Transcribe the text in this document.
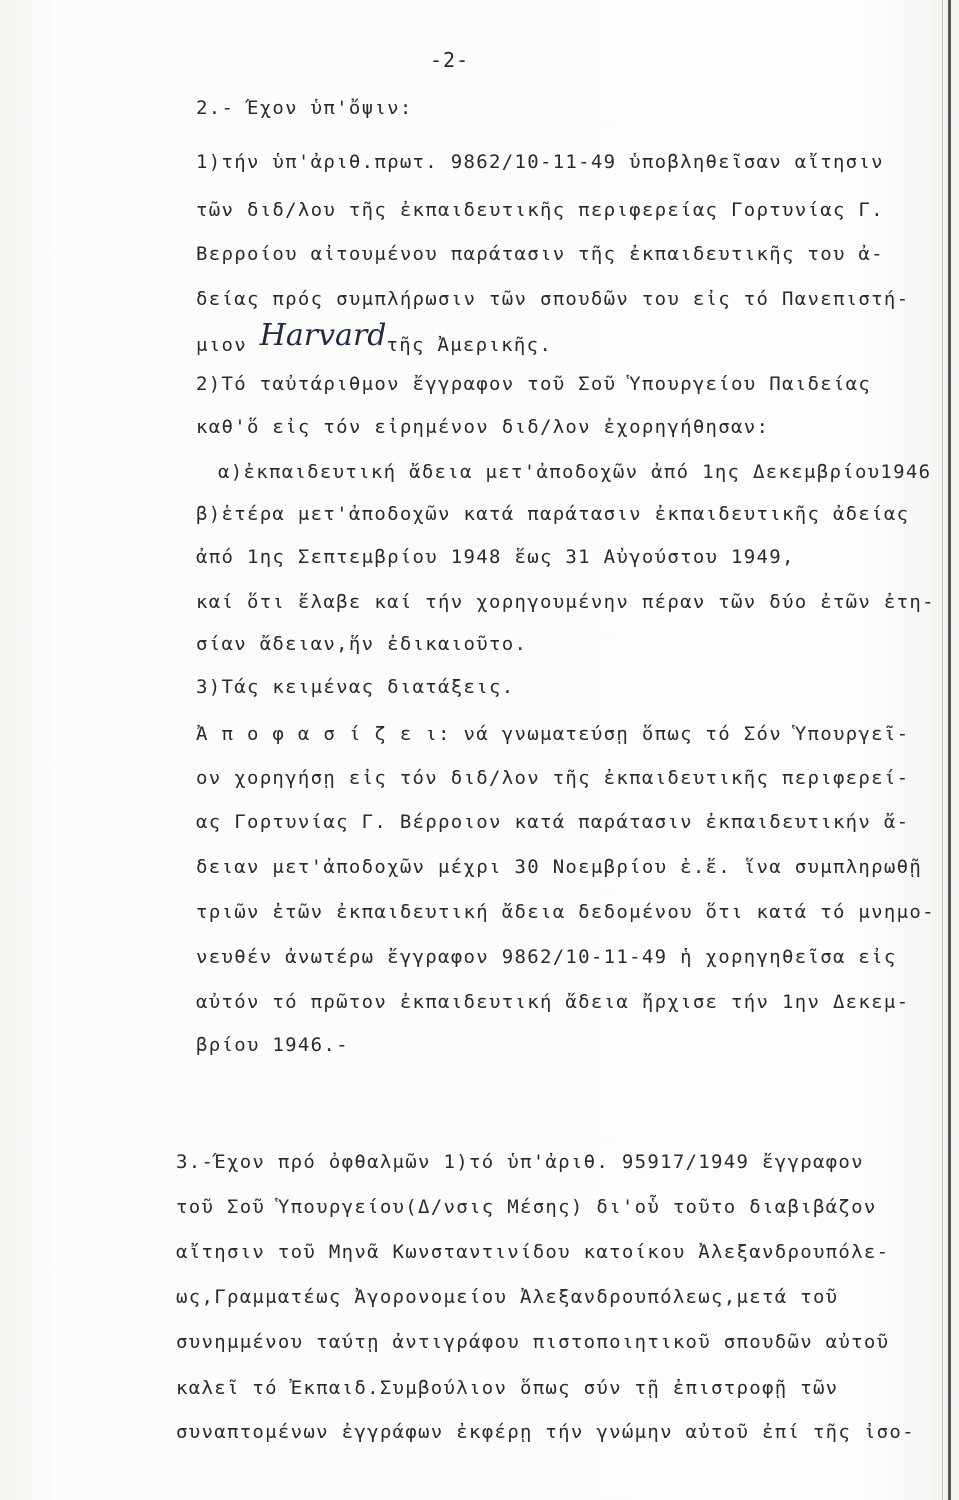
-2-
2.- Έχον ὑπ'ὄψιν:
1)τήν ὑπ'ἀριθ.πρωτ. 9862/10-11-49 ὑποβληθεῖσαν αἴτησιν
τῶν διδ/λου τῆς ἐκπαιδευτικῆς περιφερείας Γορτυνίας Γ.
Βερροίου αἰτουμένου παράτασιν τῆς ἐκπαιδευτικῆς του ἀ-
δείας πρός συμπλήρωσιν τῶν σπουδῶν του εἰς τό Πανεπιστή-
μιον Harvardτῆς Ἀμερικῆς.
2)Τό ταὐτάριθμον ἔγγραφον τοῦ Σοῦ Ὑπουργείου Παιδείας
καθ'ὅ εἰς τόν εἰρημένον διδ/λον ἐχορηγήθησαν:
α)ἐκπαιδευτική ἄδεια μετ'ἀποδοχῶν ἀπό 1ης Δεκεμβρίου1946
β)ἑτέρα μετ'ἀποδοχῶν κατά παράτασιν ἐκπαιδευτικῆς ἀδείας
ἀπό 1ης Σεπτεμβρίου 1948 ἕως 31 Αὐγούστου 1949,
καί ὅτι ἔλαβε καί τήν χορηγουμένην πέραν τῶν δύο ἐτῶν ἐτη-
σίαν ἄδειαν,ἥν ἐδικαιοῦτο.
3)Τάς κειμένας διατάξεις.
Ἀ π ο φ α σ ί ζ ε ι: νά γνωματεύσῃ ὅπως τό Σόν Ὑπουργεῖ-
ον χορηγήσῃ εἰς τόν διδ/λον τῆς ἐκπαιδευτικῆς περιφερεί-
ας Γορτυνίας Γ. Βέρροιον κατά παράτασιν ἐκπαιδευτικήν ἄ-
δειαν μετ'ἀποδοχῶν μέχρι 30 Νοεμβρίου ἐ.ἔ. ἵνα συμπληρωθῇ
τριῶν ἐτῶν ἐκπαιδευτική ἄδεια δεδομένου ὅτι κατά τό μνημο-
νευθέν ἀνωτέρω ἔγγραφον 9862/10-11-49 ἡ χορηγηθεῖσα εἰς
αὐτόν τό πρῶτον ἐκπαιδευτική ἄδεια ἤρχισε τήν 1ην Δεκεμ-
βρίου 1946.-
3.-Έχον πρό ὀφθαλμῶν 1)τό ὑπ'ἀριθ. 95917/1949 ἔγγραφον
τοῦ Σοῦ Ὑπουργείου(Δ/νσις Μέσης) δι'οὗ τοῦτο διαβιβάζον
αἴτησιν τοῦ Μηνᾶ Κωνσταντινίδου κατοίκου Ἀλεξανδρουπόλε-
ως,Γραμματέως Ἀγορονομείου Ἀλεξανδρουπόλεως,μετά τοῦ
συνημμένου ταύτῃ ἀντιγράφου πιστοποιητικοῦ σπουδῶν αὐτοῦ
καλεῖ τό Ἐκπαιδ.Συμβούλιον ὅπως σύν τῇ ἐπιστροφῇ τῶν
συναπτομένων ἐγγράφων ἐκφέρῃ τήν γνώμην αὐτοῦ ἐπί τῆς ἰσο-
